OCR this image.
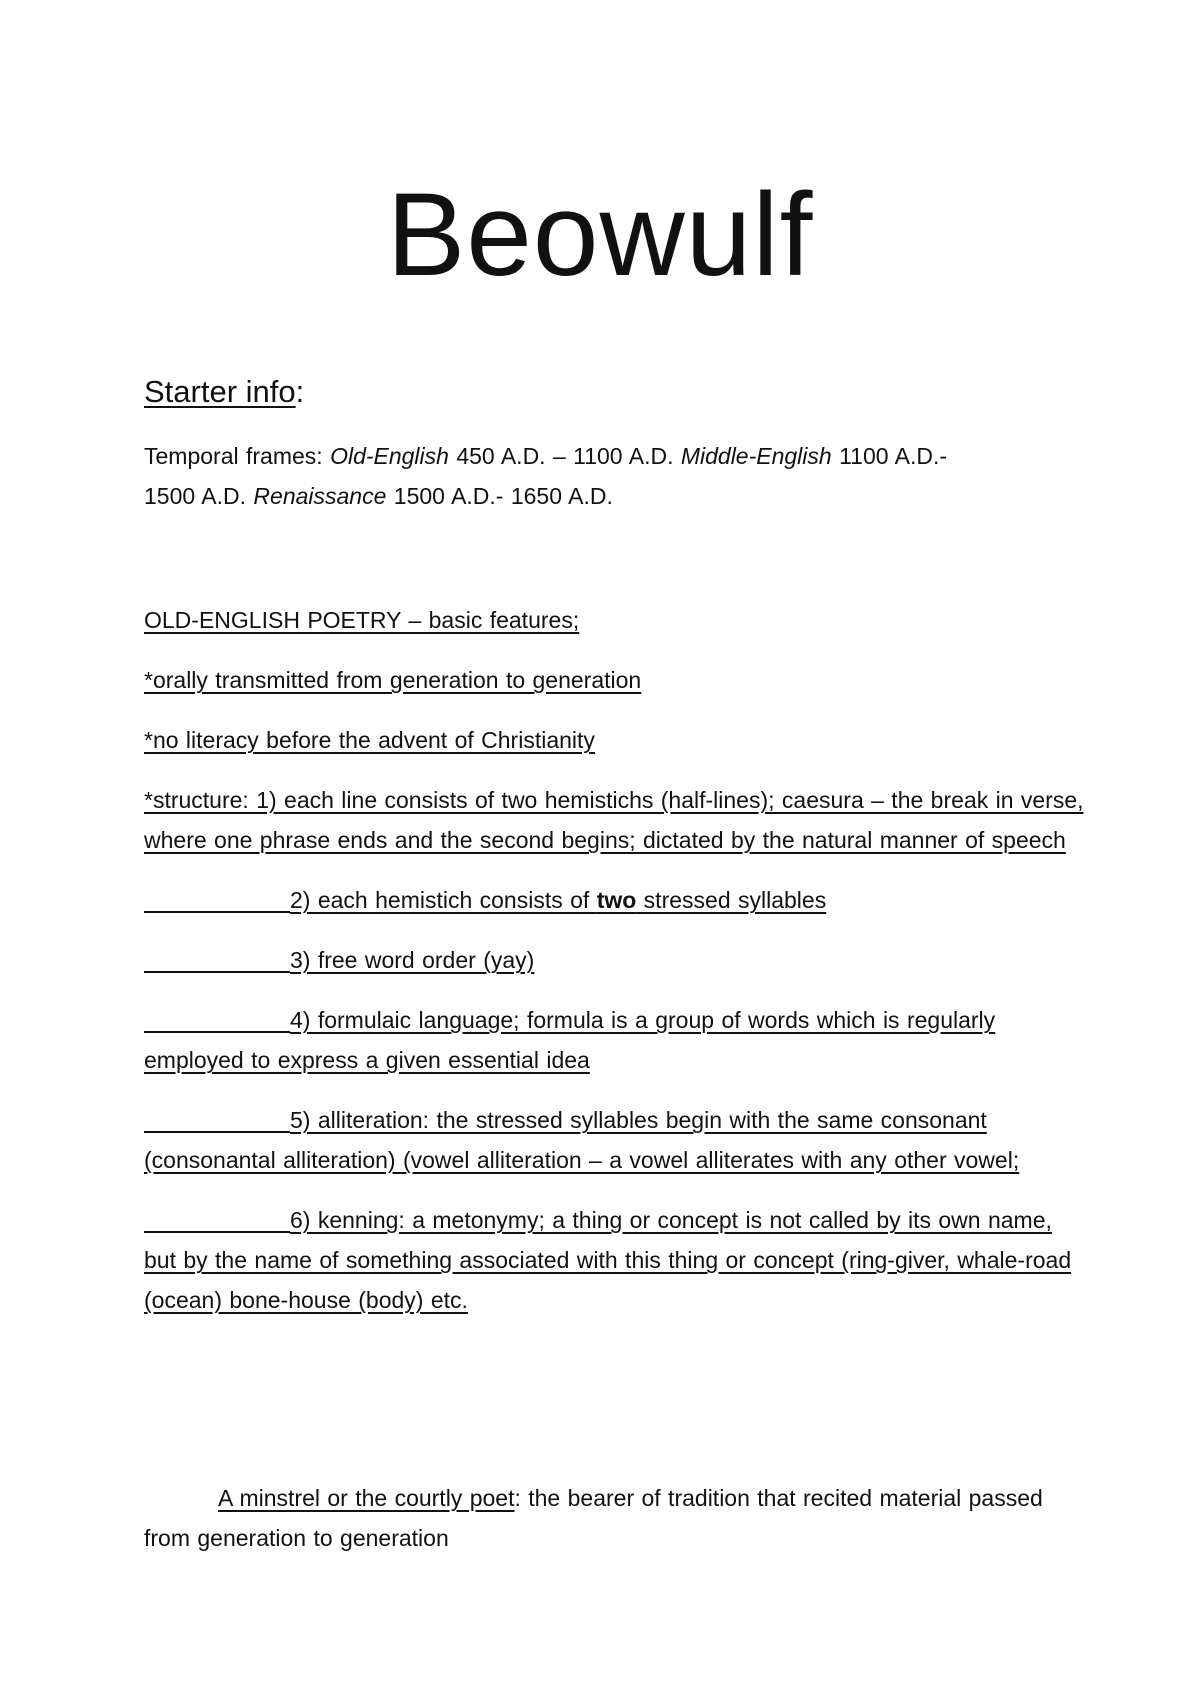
Beowulf
Starter info:

Temporal frames: Old-English 450 A.D. – 1100 A.D. Middle-English 1100 A.D.-
1500 A.D. Renaissance 1500 A.D.- 1650 A.D.

OLD-ENGLISH POETRY – basic features;

*orally transmitted from generation to generation

*no literacy before the advent of Christianity

*structure: 1) each line consists of two hemistichs (half-lines); caesura – the break in verse, where one phrase ends and the second begins; dictated by the natural manner of speech

2) each hemistich consists of two stressed syllables

3) free word order (yay)

4) formulaic language; formula is a group of words which is regularly employed to express a given essential idea

5) alliteration: the stressed syllables begin with the same consonant (consonantal alliteration) (vowel alliteration – a vowel alliterates with any other vowel;

6) kenning: a metonymy; a thing or concept is not called by its own name, but by the name of something associated with this thing or concept (ring-giver, whale-road (ocean) bone-house (body) etc.

A minstrel or the courtly poet: the bearer of tradition that recited material passed from generation to generation
